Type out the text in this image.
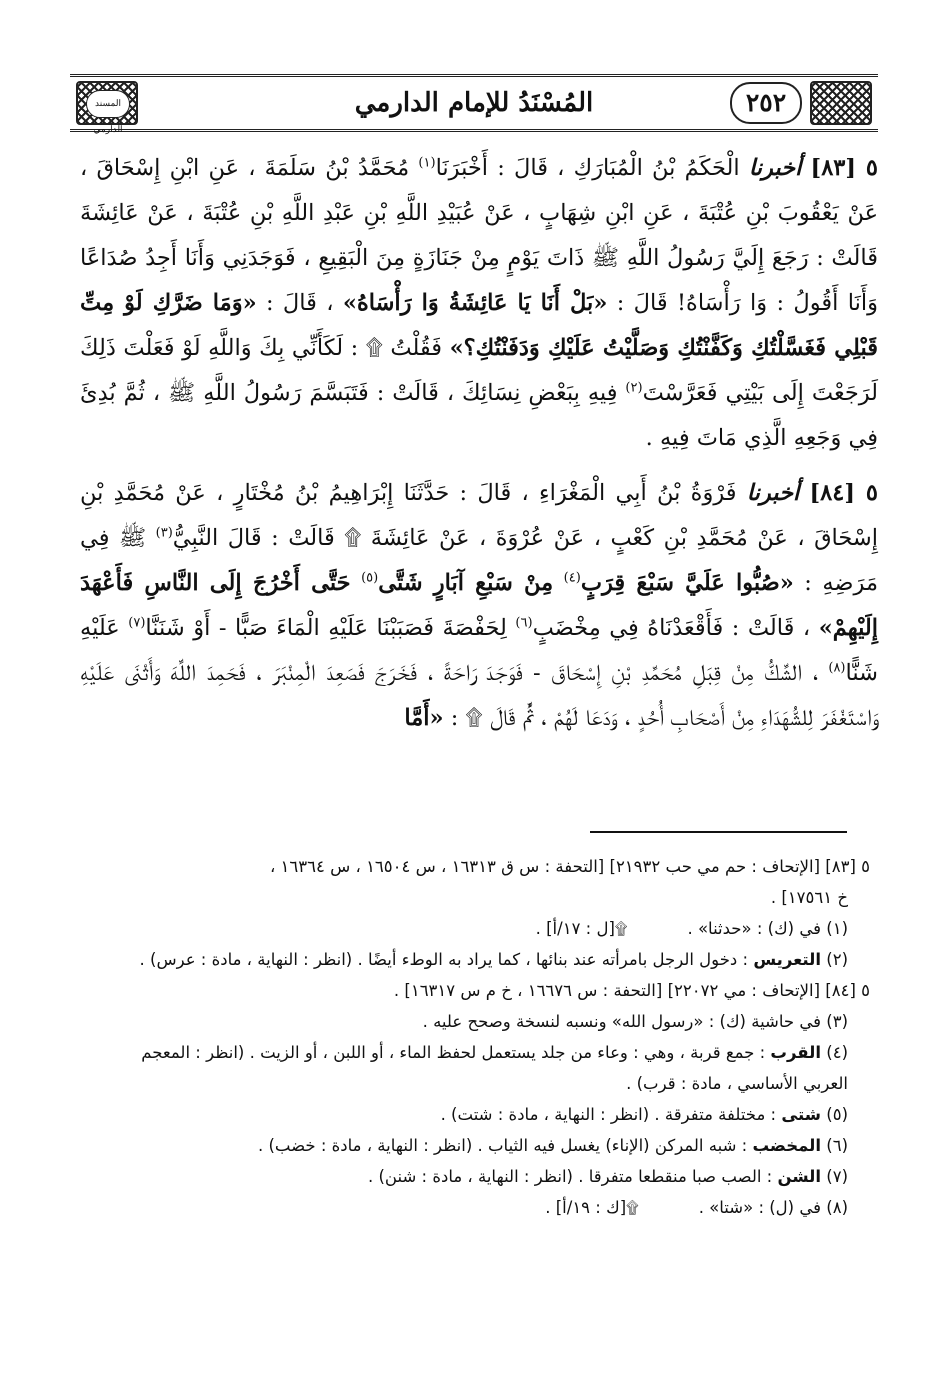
المسند الدارمي
المُسْنَدُ للإمام الدارمي	٢٥٢

٥ [٨٣] أخبرنا الْحَكَمُ بْنُ الْمُبَارَكِ ، قَالَ : أَخْبَرَنَا$^{(١)}$ مُحَمَّدُ بْنُ سَلَمَةَ ، عَنِ ابْنِ إِسْحَاقَ ، عَنْ يَعْقُوبَ بْنِ عُتْبَةَ ، عَنِ ابْنِ شِهَابٍ ، عَنْ عُبَيْدِ اللَّهِ بْنِ عَبْدِ اللَّهِ بْنِ عُتْبَةَ ، عَنْ عَائِشَةَ قَالَتْ : رَجَعَ إِلَيَّ رَسُولُ اللَّهِ ﷺ ذَاتَ يَوْمٍ مِنْ جَنَازَةٍ مِنَ الْبَقِيعِ ، فَوَجَدَنِي وَأَنَا أَجِدُ صُدَاعًا وَأَنَا أَقُولُ : وَا رَأْسَاهُ! قَالَ : «بَلْ أَنَا يَا عَائِشَةُ وَا رَأْسَاهُ» ، قَالَ : «وَمَا ضَرَّكِ لَوْ مِتِّ قَبْلِي فَغَسَّلْتُكِ وَكَفَّنْتُكِ وَصَلَّيْتُ عَلَيْكِ وَدَفَنْتُكِ؟» فَقُلْتُ ۩ : لَكَأَنِّي بِكَ وَاللَّهِ لَوْ فَعَلْتَ ذَلِكَ لَرَجَعْتَ إِلَى بَيْتِي فَعَرَّسْتَ$^{(٢)}$ فِيهِ بِبَعْضِ نِسَائِكَ ، قَالَتْ : فَتَبَسَّمَ رَسُولُ اللَّهِ ﷺ ، ثُمَّ بُدِئَ فِي وَجَعِهِ الَّذِي مَاتَ فِيهِ .

٥ [٨٤] أخبرنا فَرْوَةُ بْنُ أَبِي الْمَغْرَاءِ ، قَالَ : حَدَّثَنَا إِبْرَاهِيمُ بْنُ مُخْتَارٍ ، عَنْ مُحَمَّدِ بْنِ إِسْحَاقَ ، عَنْ مُحَمَّدِ بْنِ كَعْبٍ ، عَنْ عُرْوَةَ ، عَنْ عَائِشَةَ ۩ قَالَتْ : قَالَ النَّبِيُّ$^{(٣)}$ ﷺ فِي مَرَضِهِ : «صُبُّوا عَلَيَّ سَبْعَ قِرَبٍ$^{(٤)}$ مِنْ سَبْعِ آبَارٍ شَتَّى$^{(٥)}$ حَتَّى أَخْرُجَ إِلَى النَّاسِ فَأَعْهَدَ إِلَيْهِمْ» ، قَالَتْ : فَأَقْعَدْنَاهُ فِي مِخْضَبٍ$^{(٦)}$ لِحَفْصَةَ فَصَبَبْنَا عَلَيْهِ الْمَاءَ صَبًّا - أَوْ شَنَنَّا$^{(٧)}$ عَلَيْهِ شَنًّا$^{(٨)}$ ، الشَّكُّ مِنْ قِبَلِ مُحَمَّدِ بْنِ إِسْحَاقَ - فَوَجَدَ رَاحَةً ، فَخَرَجَ فَصَعِدَ الْمِنْبَرَ ، فَحَمِدَ اللَّهَ وَأَثْنَى عَلَيْهِ وَاسْتَغْفَرَ لِلشُّهَدَاءِ مِنْ أَصْحَابِ أُحُدٍ ، وَدَعَا لَهُمْ ، ثُمَّ قَالَ ۩ : «أَمَّا

٥ [٨٣] [الإتحاف : حم مي حب ٢١٩٣٢] [التحفة : س ق ١٦٣١٣ ، س ١٦٥٠٤ ، س ١٦٣٦٤ ،

خ ١٧٥٦١] .

(١) في (ك) : «حدثنا» .
۩[ل : ١٧/أ] .

(٢) التعريس : دخول الرجل بامرأته عند بنائها ، كما يراد به الوطء أيضًا . (انظر : النهاية ، مادة : عرس) .

٥ [٨٤] [الإتحاف : مي ٢٢٠٧٢] [التحفة : س ١٦٦٧٦ ، خ م س ١٦٣١٧] .

(٣) في حاشية (ك) : «رسول الله» ونسبه لنسخة وصحح عليه .

(٤) القرب : جمع قربة ، وهي : وعاء من جلد يستعمل لحفظ الماء ، أو اللبن ، أو الزيت . (انظر : المعجم

العربي الأساسي ، مادة : قرب) .

(٥) شتى : مختلفة متفرقة . (انظر : النهاية ، مادة : شتت) .

(٦) المخضب : شبه المركن (الإناء) يغسل فيه الثياب . (انظر : النهاية ، مادة : خضب) .

(٧) الشن : الصب صبا منقطعا متفرقا . (انظر : النهاية ، مادة : شنن) .

(٨) في (ل) : «شتا» .
۩[ك : ١٩/أ] .
